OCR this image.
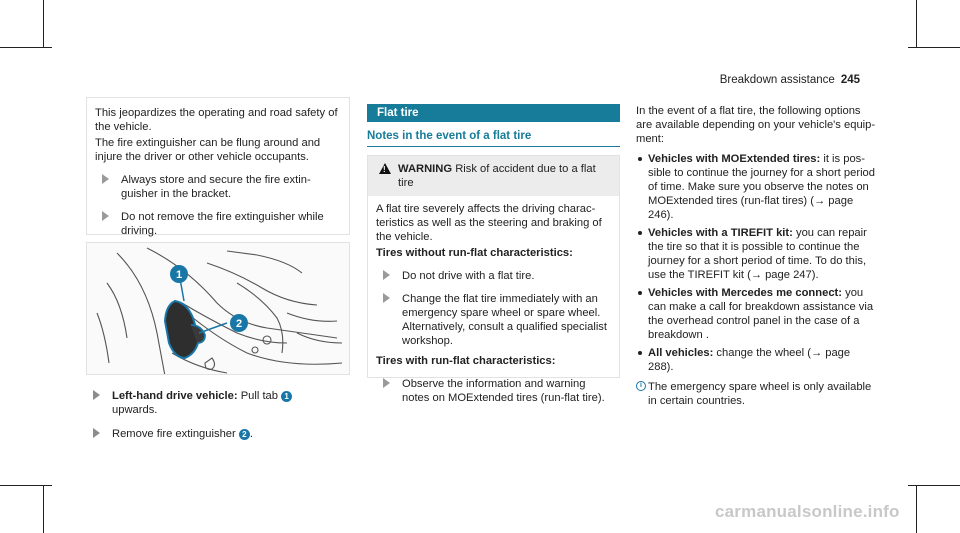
Breakdown assistance 245

This jeopardizes the operating and road safety of the vehicle.

The fire extinguisher can be flung around and injure the driver or other vehicle occupants.

Always store and secure the fire extinguisher in the bracket.
Do not remove the fire extinguisher while driving.
1
2
Left-hand drive vehicle: Pull tab 1
upwards.
Remove fire extinguisher 2 .
Flat tire
Notes in the event of a flat tire
!
WARNING Risk of accident due to a flat tire

A flat tire severely affects the driving characteristics as well as the steering and braking of the vehicle.

Tires without run-flat characteristics:

Do not drive with a flat tire.
Change the flat tire immediately with an emergency spare wheel or spare wheel. Alternatively, consult a qualified specialist workshop.

Tires with run-flat characteristics:

Observe the information and warning notes on MOExtended tires (run-flat tire).

In the event of a flat tire, the following options are available depending on your vehicle's equipment:

Vehicles with MOExtended tires: it is possible to continue the journey for a short period of time. Make sure you observe the notes on MOExtended tires (run-flat tires) (→ page 246).
Vehicles with a TIREFIT kit: you can repair the tire so that it is possible to continue the journey for a short period of time. To do this, use the TIREFIT kit (→ page 247).
Vehicles with Mercedes me connect: you can make a call for breakdown assistance via the overhead control panel in the case of a breakdown .
All vehicles: change the wheel (→ page 288).
i The emergency spare wheel is only available in certain countries.
carmanualsonline.info
